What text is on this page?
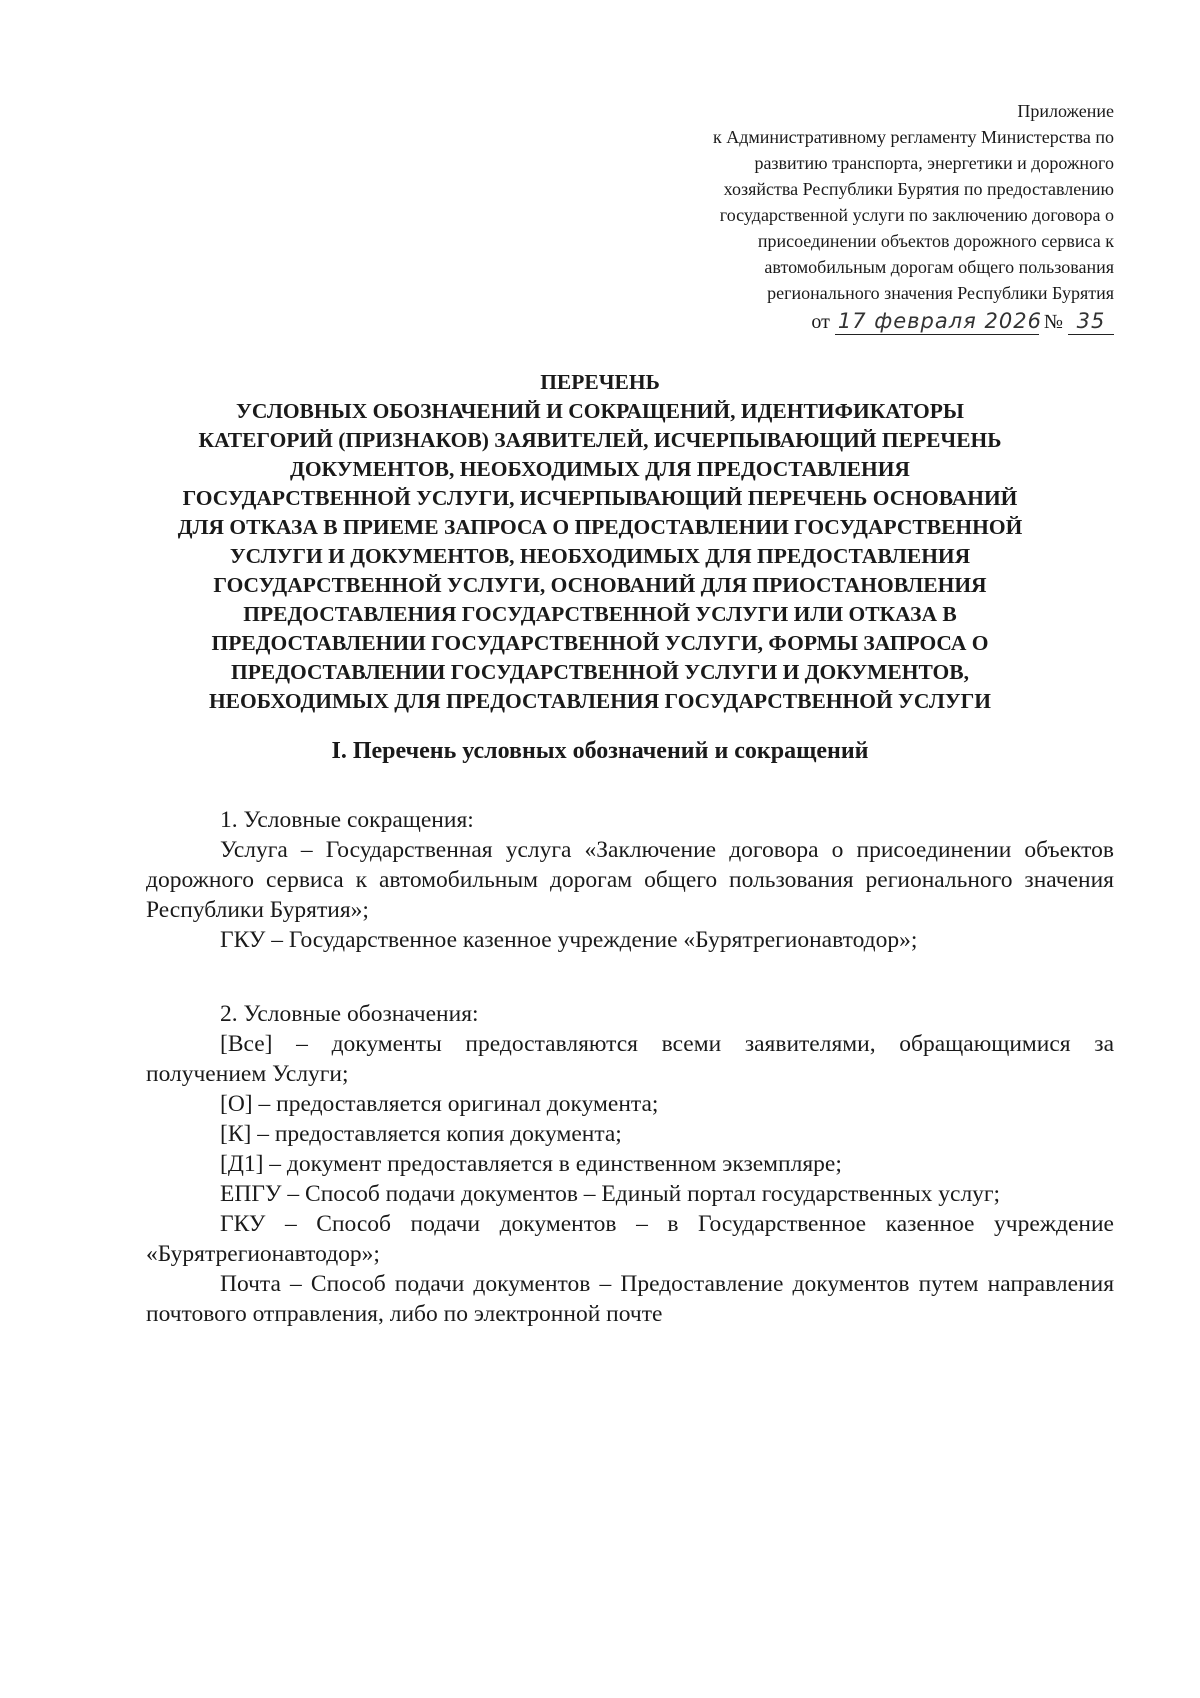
Приложение
к Административному регламенту Министерства по
развитию транспорта, энергетики и дорожного
хозяйства Республики Бурятия по предоставлению
государственной услуги по заключению договора о
присоединении объектов дорожного сервиса к
автомобильным дорогам общего пользования
регионального значения Республики Бурятия
от 17 февраля 2026 № 35
ПЕРЕЧЕНЬ
УСЛОВНЫХ ОБОЗНАЧЕНИЙ И СОКРАЩЕНИЙ, ИДЕНТИФИКАТОРЫ
КАТЕГОРИЙ (ПРИЗНАКОВ) ЗАЯВИТЕЛЕЙ, ИСЧЕРПЫВАЮЩИЙ ПЕРЕЧЕНЬ
ДОКУМЕНТОВ, НЕОБХОДИМЫХ ДЛЯ ПРЕДОСТАВЛЕНИЯ
ГОСУДАРСТВЕННОЙ УСЛУГИ, ИСЧЕРПЫВАЮЩИЙ ПЕРЕЧЕНЬ ОСНОВАНИЙ
ДЛЯ ОТКАЗА В ПРИЕМЕ ЗАПРОСА О ПРЕДОСТАВЛЕНИИ ГОСУДАРСТВЕННОЙ
УСЛУГИ И ДОКУМЕНТОВ, НЕОБХОДИМЫХ ДЛЯ ПРЕДОСТАВЛЕНИЯ
ГОСУДАРСТВЕННОЙ УСЛУГИ, ОСНОВАНИЙ ДЛЯ ПРИОСТАНОВЛЕНИЯ
ПРЕДОСТАВЛЕНИЯ ГОСУДАРСТВЕННОЙ УСЛУГИ ИЛИ ОТКАЗА В
ПРЕДОСТАВЛЕНИИ ГОСУДАРСТВЕННОЙ УСЛУГИ, ФОРМЫ ЗАПРОСА О
ПРЕДОСТАВЛЕНИИ ГОСУДАРСТВЕННОЙ УСЛУГИ И ДОКУМЕНТОВ,
НЕОБХОДИМЫХ ДЛЯ ПРЕДОСТАВЛЕНИЯ ГОСУДАРСТВЕННОЙ УСЛУГИ
I. Перечень условных обозначений и сокращений

1. Условные сокращения:

Услуга – Государственная услуга «Заключение договора о присоединении объектов дорожного сервиса к автомобильным дорогам общего пользования регионального значения Республики Бурятия»;

ГКУ – Государственное казенное учреждение «Бурятрегионавтодор»;

2. Условные обозначения:

[Все] – документы предоставляются всеми заявителями, обращающимися за получением Услуги;

[О] – предоставляется оригинал документа;

[К] – предоставляется копия документа;

[Д1] – документ предоставляется в единственном экземпляре;

ЕПГУ – Способ подачи документов – Единый портал государственных услуг;

ГКУ – Способ подачи документов – в Государственное казенное учреждение «Бурятрегионавтодор»;

Почта – Способ подачи документов – Предоставление документов путем направления почтового отправления, либо по электронной почте
